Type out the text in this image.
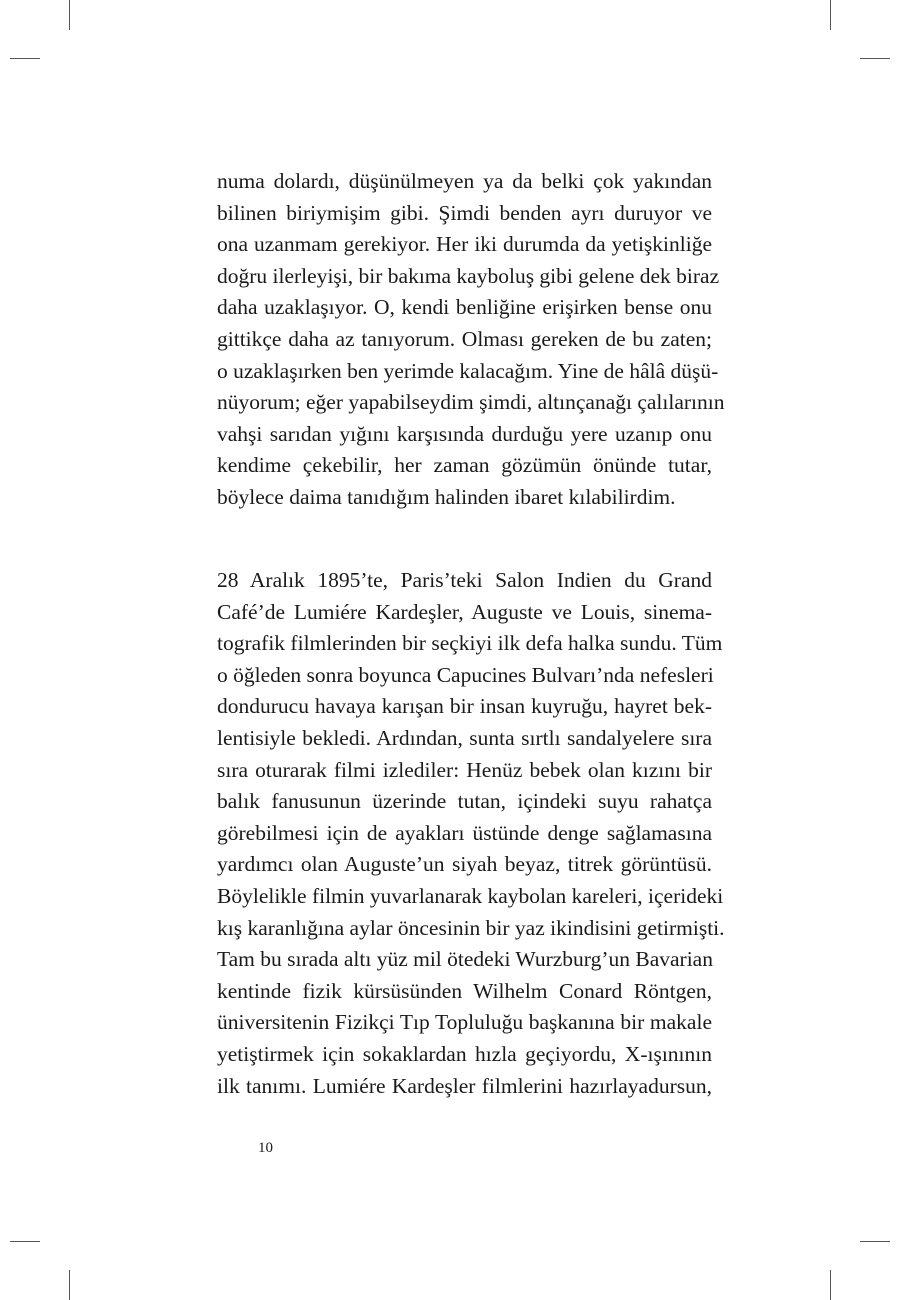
numa dolardı, düşünülmeyen ya da belki çok yakından
bilinen biriymişim gibi. Şimdi benden ayrı duruyor ve
ona uzanmam gerekiyor. Her iki durumda da yetişkinliğe
doğru ilerleyişi, bir bakıma kayboluş gibi gelene dek biraz
daha uzaklaşıyor. O, kendi benliğine erişirken bense onu
gittikçe daha az tanıyorum. Olması gereken de bu zaten;
o uzaklaşırken ben yerimde kalacağım. Yine de hâlâ düşü-
nüyorum; eğer yapabilseydim şimdi, altınçanağı çalılarının
vahşi sarıdan yığını karşısında durduğu yere uzanıp onu
kendime çekebilir, her zaman gözümün önünde tutar,
böylece daima tanıdığım halinden ibaret kılabilirdim.
28 Aralık 1895’te, Paris’teki Salon Indien du Grand
Café’de Lumiére Kardeşler, Auguste ve Louis, sinema-
tografik filmlerinden bir seçkiyi ilk defa halka sundu. Tüm
o öğleden sonra boyunca Capucines Bulvarı’nda nefesleri
dondurucu havaya karışan bir insan kuyruğu, hayret bek-
lentisiyle bekledi. Ardından, sunta sırtlı sandalyelere sıra
sıra oturarak filmi izlediler: Henüz bebek olan kızını bir
balık fanusunun üzerinde tutan, içindeki suyu rahatça
görebilmesi için de ayakları üstünde denge sağlamasına
yardımcı olan Auguste’un siyah beyaz, titrek görüntüsü.
Böylelikle filmin yuvarlanarak kaybolan kareleri, içerideki
kış karanlığına aylar öncesinin bir yaz ikindisini getirmişti.
Tam bu sırada altı yüz mil ötedeki Wurzburg’un Bavarian
kentinde fizik kürsüsünden Wilhelm Conard Röntgen,
üniversitenin Fizikçi Tıp Topluluğu başkanına bir makale
yetiştirmek için sokaklardan hızla geçiyordu, X-ışınının
ilk tanımı. Lumiére Kardeşler filmlerini hazırlayadursun,
10
